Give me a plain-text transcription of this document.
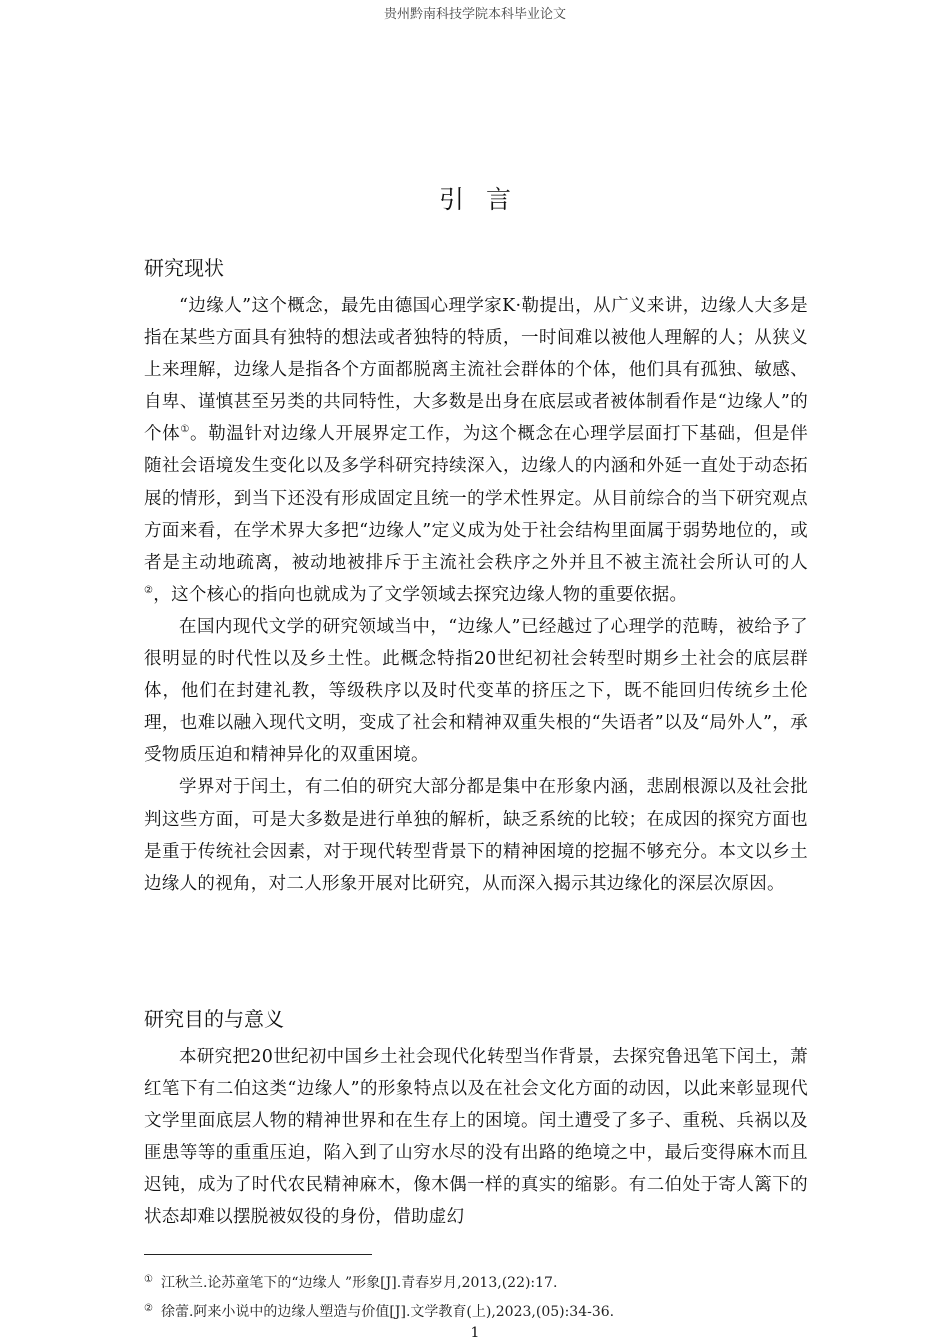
贵州黔南科技学院本科毕业论文
引言
研究现状

“边缘人”这个概念，最先由德国心理学家K·勒提出，从广义来讲，边缘人大多是指在某些方面具有独特的想法或者独特的特质，一时间难以被他人理解的人；从狭义上来理解，边缘人是指各个方面都脱离主流社会群体的个体，他们具有孤独、敏感、自卑、谨慎甚至另类的共同特性，大多数是出身在底层或者被体制看作是“边缘人”的个体①。勒温针对边缘人开展界定工作，为这个概念在心理学层面打下基础，但是伴随社会语境发生变化以及多学科研究持续深入，边缘人的内涵和外延一直处于动态拓展的情形，到当下还没有形成固定且统一的学术性界定。从目前综合的当下研究观点方面来看，在学术界大多把“边缘人”定义成为处于社会结构里面属于弱势地位的，或者是主动地疏离，被动地被排斥于主流社会秩序之外并且不被主流社会所认可的人②，这个核心的指向也就成为了文学领域去探究边缘人物的重要依据。

在国内现代文学的研究领域当中，“边缘人”已经越过了心理学的范畴，被给予了很明显的时代性以及乡土性。此概念特指20世纪初社会转型时期乡土社会的底层群体，他们在封建礼教，等级秩序以及时代变革的挤压之下，既不能回归传统乡土伦理，也难以融入现代文明，变成了社会和精神双重失根的“失语者”以及“局外人”，承受物质压迫和精神异化的双重困境。

学界对于闰土，有二伯的研究大部分都是集中在形象内涵，悲剧根源以及社会批判这些方面，可是大多数是进行单独的解析，缺乏系统的比较；在成因的探究方面也是重于传统社会因素，对于现代转型背景下的精神困境的挖掘不够充分。本文以乡土边缘人的视角，对二人形象开展对比研究，从而深入揭示其边缘化的深层次原因。

研究目的与意义

本研究把20世纪初中国乡土社会现代化转型当作背景，去探究鲁迅笔下闰土，萧红笔下有二伯这类“边缘人”的形象特点以及在社会文化方面的动因，以此来彰显现代文学里面底层人物的精神世界和在生存上的困境。闰土遭受了多子、重税、兵祸以及匪患等等的重重压迫，陷入到了山穷水尽的没有出路的绝境之中，最后变得麻木而且迟钝，成为了时代农民精神麻木，像木偶一样的真实的缩影。有二伯处于寄人篱下的状态却难以摆脱被奴役的身份，借助虚幻

① 江秋兰.论苏童笔下的“边缘人 ”形象[J].青春岁月,2013,(22):17.
② 徐蕾.阿来小说中的边缘人塑造与价值[J].文学教育(上),2023,(05):34-36.
1
